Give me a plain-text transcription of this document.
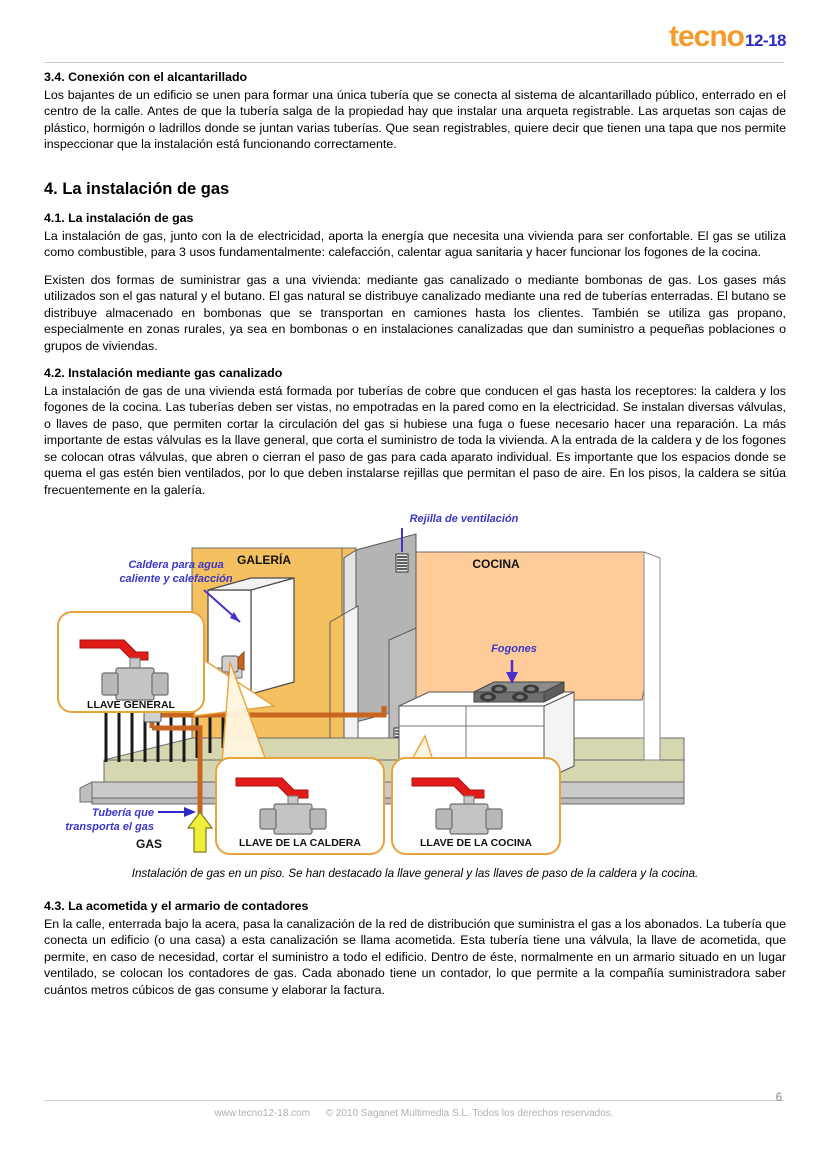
tecno 12-18
3.4. Conexión con el alcantarillado

Los bajantes de un edificio se unen para formar una única tubería que se conecta al sistema de alcantarillado público, enterrado en el centro de la calle. Antes de que la tubería salga de la propiedad hay que instalar una arqueta registrable. Las arquetas son cajas de plástico, hormigón o ladrillos donde se juntan varias tuberías. Que sean registrables, quiere decir que tienen una tapa que nos permite inspeccionar que la instalación está funcionando correctamente.

4. La instalación de gas
4.1. La instalación de gas

La instalación de gas, junto con la de electricidad, aporta la energía que necesita una vivienda para ser confortable. El gas se utiliza como combustible, para 3 usos fundamentalmente: calefacción, calentar agua sanitaria y hacer funcionar los fogones de la cocina.

Existen dos formas de suministrar gas a una vivienda: mediante gas canalizado o mediante bombonas de gas. Los gases más utilizados son el gas natural y el butano. El gas natural se distribuye canalizado mediante una red de tuberías enterradas. El butano se distribuye almacenado en bombonas que se transportan en camiones hasta los clientes. También se utiliza gas propano, especialmente en zonas rurales, ya sea en bombonas o en instalaciones canalizadas que dan suministro a pequeñas poblaciones o grupos de viviendas.

4.2. Instalación mediante gas canalizado

La instalación de gas de una vivienda está formada por tuberías de cobre que conducen el gas hasta los receptores: la caldera y los fogones de la cocina. Las tuberías deben ser vistas, no empotradas en la pared como en la electricidad. Se instalan diversas válvulas, o llaves de paso, que permiten cortar la circulación del gas si hubiese una fuga o fuese necesario hacer una reparación. La más importante de estas válvulas es la llave general, que corta el suministro de toda la vivienda. A la entrada de la caldera y de los fogones se colocan otras válvulas, que abren o cierran el paso de gas para cada aparato individual. Es importante que los espacios donde se quema el gas estén bien ventilados, por lo que deben instalarse rejillas que permitan el paso de aire. En los pisos, la caldera se sitúa frecuentemente en la galería.

LLAVE GENERAL
LLAVE DE LA CALDERA	LLAVE DE LA COCINA
GAS
GALERÍA	COCINA
Caldera para agua
caliente y calefacción
Rejilla de ventilación
Fogones
Tubería que
transporta el gas

Instalación de gas en un piso. Se han destacado la llave general y las llaves de paso de la caldera y la cocina.

4.3. La acometida y el armario de contadores

En la calle, enterrada bajo la acera, pasa la canalización de la red de distribución que suministra el gas a los abonados. La tubería que conecta un edificio (o una casa) a esta canalización se llama acometida. Esta tubería tiene una válvula, la llave de acometida, que permite, en caso de necesidad, cortar el suministro a todo el edificio. Dentro de éste, normalmente en un armario situado en un lugar ventilado, se colocan los contadores de gas. Cada abonado tiene un contador, lo que permite a la compañía suministradora saber cuántos metros cúbicos de gas consume y elaborar la factura.

6
www.tecno12-18.com © 2010 Saganet Multimedia S.L. Todos los derechos reservados.
